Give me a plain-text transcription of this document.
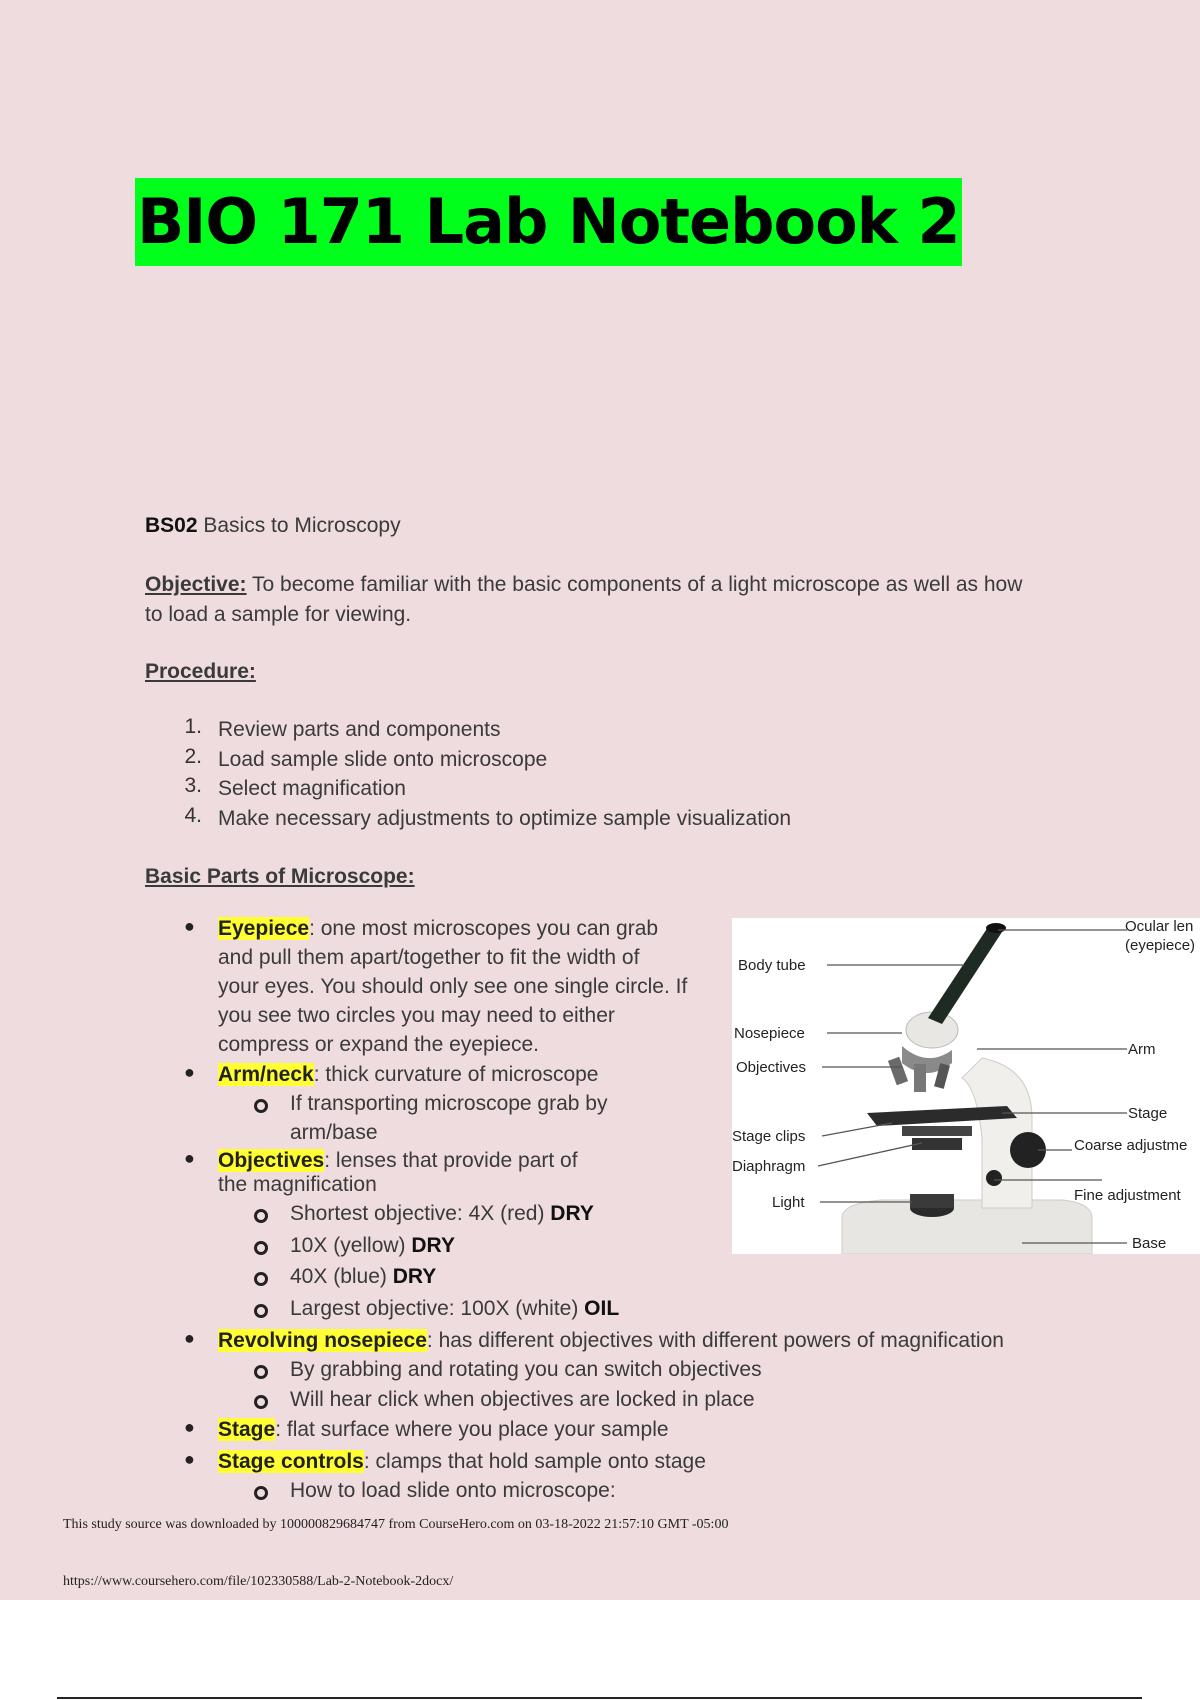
BIO 171 Lab Notebook 2
BS02 Basics to Microscopy
Objective: To become familiar with the basic components of a light microscope as well as how
to load a sample for viewing.
Procedure:
1. Review parts and components
2. Load sample slide onto microscope
3. Select magnification
4. Make necessary adjustments to optimize sample visualization
Basic Parts of Microscope:
● Eyepiece: one most microscopes you can grab
and pull them apart/together to fit the width of
your eyes. You should only see one single circle. If
you see two circles you may need to either
compress or expand the eyepiece.
● Arm/neck: thick curvature of microscope
If transporting microscope grab by
arm/base
● Objectives: lenses that provide part of
the magnification
Shortest objective: 4X (red) DRY
10X (yellow) DRY
40X (blue) DRY
Largest objective: 100X (white) OIL
● Revolving nosepiece: has different objectives with different powers of magnification
By grabbing and rotating you can switch objectives
Will hear click when objectives are locked in place
● Stage: flat surface where you place your sample
● Stage controls: clamps that hold sample onto stage
How to load slide onto microscope:
Body tube
Nosepiece
Objectives
Stage clips
Diaphragm
Light
Ocular len
(eyepiece)
Arm
Stage
Coarse adjustme
Fine adjustment
Base
This study source was downloaded by 100000829684747 from CourseHero.com on 03-18-2022 21:57:10 GMT -05:00
https://www.coursehero.com/file/102330588/Lab-2-Notebook-2docx/
